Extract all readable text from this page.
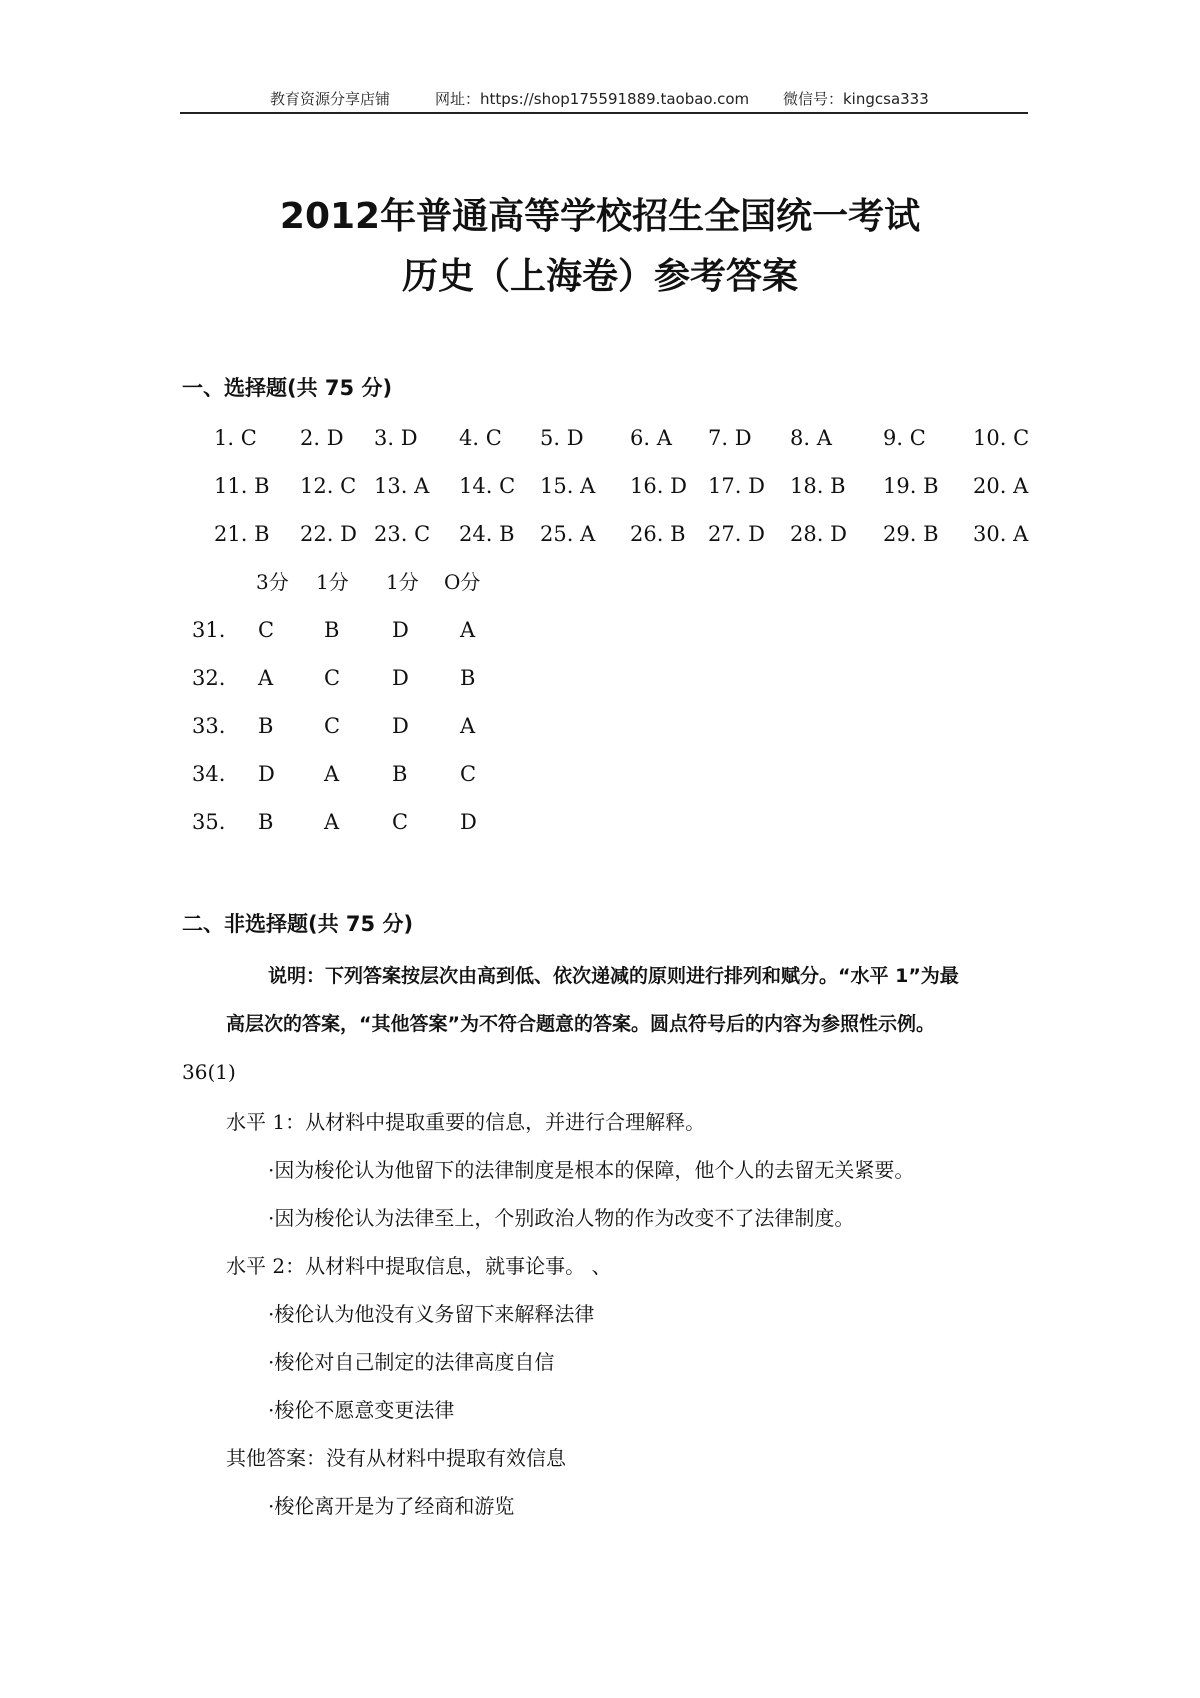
教育资源分享店铺	网址：https://shop175591889.taobao.com 微信号：kingcsa333
2012年普通高等学校招生全国统一考试
历史（上海卷）参考答案
一、选择题(共 75 分)
1. C 2. D 3. D 4. C 5. D 6. A 7. D 8. A 9. C 10. C
11. B 12. C 13. A 14. C 15. A 16. D 17. D 18. B 19. B 20. A
21. B 22. D 23. C 24. B 25. A 26. B 27. D 28. D 29. B 30. A
3分 1分 1分 O分
31. C B	D A
32. A C D B
33. B C D A
34. D A	B	C
35. B A	C D
二、非选择题(共 75 分)
说明：下列答案按层次由高到低、依次递减的原则进行排列和赋分。“水平 1”为最
高层次的答案，“其他答案”为不符合题意的答案。圆点符号后的内容为参照性示例。
36(1)
水平 1：从材料中提取重要的信息，并进行合理解释。
·因为梭伦认为他留下的法律制度是根本的保障，他个人的去留无关紧要。
·因为梭伦认为法律至上，个别政治人物的作为改变不了法律制度。
水平 2：从材料中提取信息，就事论事。 、
·梭伦认为他没有义务留下来解释法律
·梭伦对自己制定的法律高度自信
·梭伦不愿意变更法律
其他答案：没有从材料中提取有效信息
·梭伦离开是为了经商和游览
